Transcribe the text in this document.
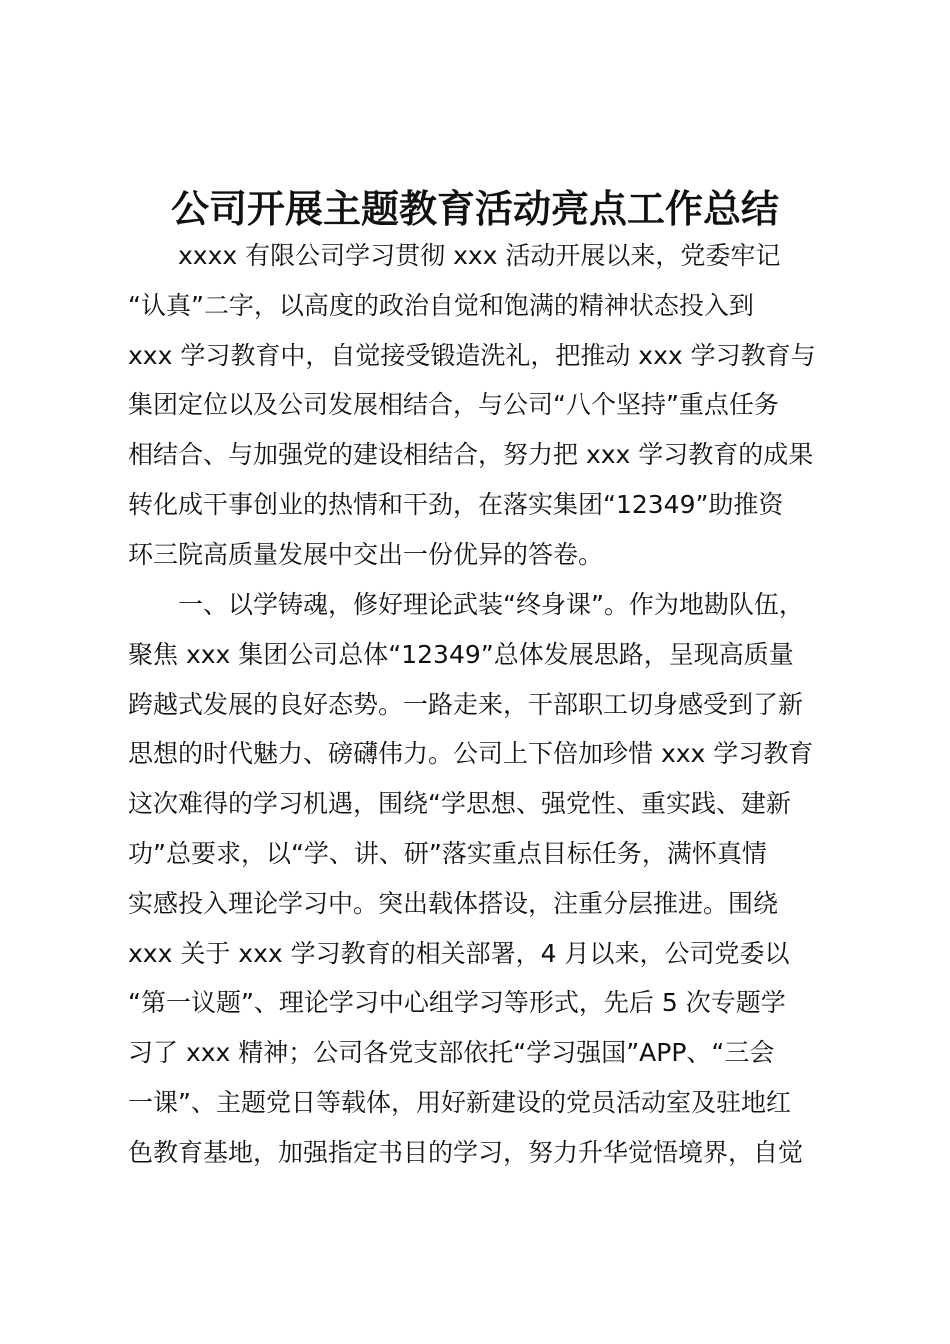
公司开展主题教育活动亮点工作总结
xxxx 有限公司学习贯彻 xxx 活动开展以来，党委牢记
“认真”二字，以高度的政治自觉和饱满的精神状态投入到
xxx 学习教育中，自觉接受锻造洗礼，把推动 xxx 学习教育与
集团定位以及公司发展相结合，与公司“八个坚持”重点任务
相结合、与加强党的建设相结合，努力把 xxx 学习教育的成果
转化成干事创业的热情和干劲，在落实集团“12349”助推资
环三院高质量发展中交出一份优异的答卷。
一、以学铸魂，修好理论武装“终身课”。作为地勘队伍，
聚焦 xxx 集团公司总体“12349”总体发展思路，呈现高质量
跨越式发展的良好态势。一路走来，干部职工切身感受到了新
思想的时代魅力、磅礴伟力。公司上下倍加珍惜 xxx 学习教育
这次难得的学习机遇，围绕“学思想、强党性、重实践、建新
功”总要求，以“学、讲、研”落实重点目标任务，满怀真情
实感投入理论学习中。突出载体搭设，注重分层推进。围绕
xxx 关于 xxx 学习教育的相关部署，4 月以来，公司党委以
“第一议题”、理论学习中心组学习等形式，先后 5 次专题学
习了 xxx 精神；公司各党支部依托“学习强国”APP、“三会
一课”、主题党日等载体，用好新建设的党员活动室及驻地红
色教育基地，加强指定书目的学习，努力升华觉悟境界，自觉
